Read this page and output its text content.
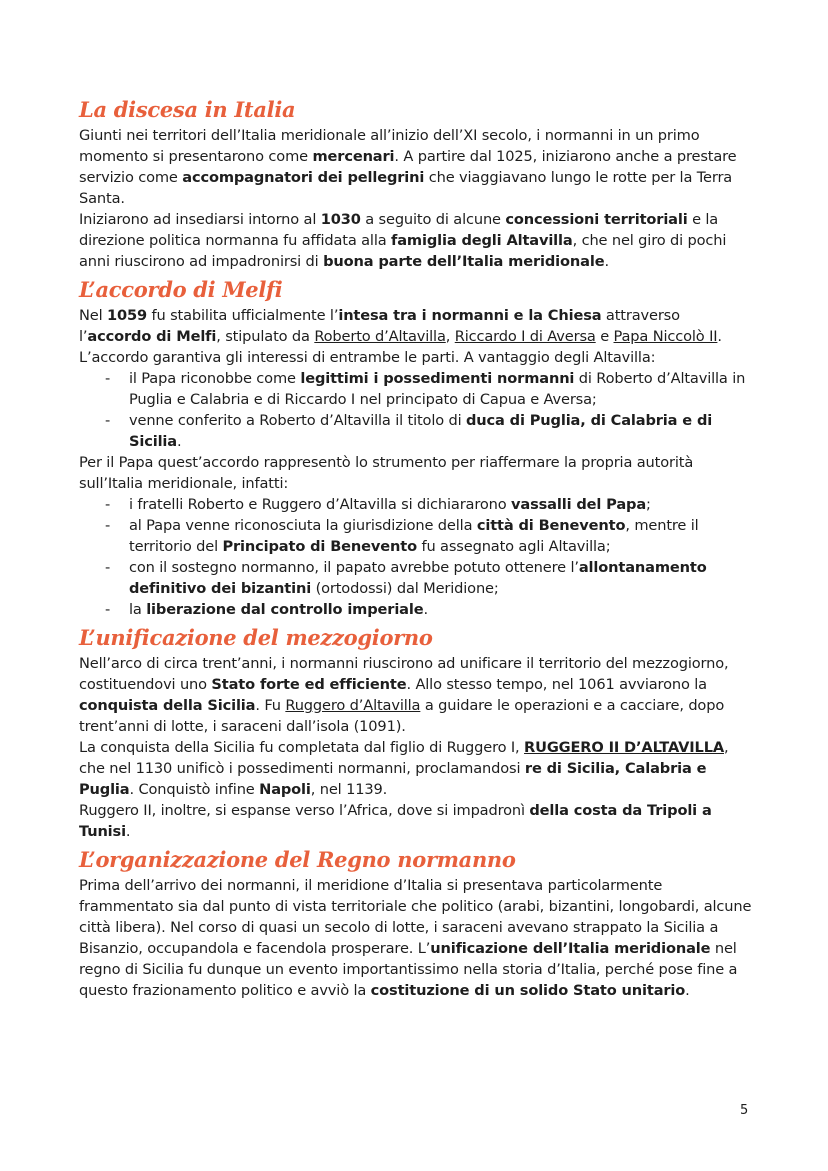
La discesa in Italia

Giunti nei territori dell’Italia meridionale all’inizio dell’XI secolo, i normanni in un primo momento si presentarono come mercenari. A partire dal 1025, iniziarono anche a prestare servizio come accompagnatori dei pellegrini che viaggiavano lungo le rotte per la Terra Santa.

Iniziarono ad insediarsi intorno al 1030 a seguito di alcune concessioni territoriali e la direzione politica normanna fu affidata alla famiglia degli Altavilla, che nel giro di pochi anni riuscirono ad impadronirsi di buona parte dell’Italia meridionale.

L’accordo di Melfi

Nel 1059 fu stabilita ufficialmente l’intesa tra i normanni e la Chiesa attraverso l’accordo di Melfi, stipulato da Roberto d’Altavilla, Riccardo I di Aversa e Papa Niccolò II. L’accordo garantiva gli interessi di entrambe le parti. A vantaggio degli Altavilla:

- il Papa riconobbe come legittimi i possedimenti normanni di Roberto d’Altavilla in Puglia e Calabria e di Riccardo I nel principato di Capua e Aversa;
- venne conferito a Roberto d’Altavilla il titolo di duca di Puglia, di Calabria e di Sicilia.

Per il Papa quest’accordo rappresentò lo strumento per riaffermare la propria autorità sull’Italia meridionale, infatti:

- i fratelli Roberto e Ruggero d’Altavilla si dichiararono vassalli del Papa;
- al Papa venne riconosciuta la giurisdizione della città di Benevento, mentre il territorio del Principato di Benevento fu assegnato agli Altavilla;
- con il sostegno normanno, il papato avrebbe potuto ottenere l’allontanamento definitivo dei bizantini (ortodossi) dal Meridione;
- la liberazione dal controllo imperiale.
L’unificazione del mezzogiorno

Nell’arco di circa trent’anni, i normanni riuscirono ad unificare il territorio del mezzogiorno, costituendovi uno Stato forte ed efficiente. Allo stesso tempo, nel 1061 avviarono la conquista della Sicilia. Fu Ruggero d’Altavilla a guidare le operazioni e a cacciare, dopo trent’anni di lotte, i saraceni dall’isola (1091).

La conquista della Sicilia fu completata dal figlio di Ruggero I, RUGGERO II D’ALTAVILLA, che nel 1130 unificò i possedimenti normanni, proclamandosi re di Sicilia, Calabria e Puglia. Conquistò infine Napoli, nel 1139.

Ruggero II, inoltre, si espanse verso l’Africa, dove si impadronì della costa da Tripoli a Tunisi.

L’organizzazione del Regno normanno

Prima dell’arrivo dei normanni, il meridione d’Italia si presentava particolarmente frammentato sia dal punto di vista territoriale che politico (arabi, bizantini, longobardi, alcune città libera). Nel corso di quasi un secolo di lotte, i saraceni avevano strappato la Sicilia a Bisanzio, occupandola e facendola prosperare. L’unificazione dell’Italia meridionale nel regno di Sicilia fu dunque un evento importantissimo nella storia d’Italia, perché pose fine a questo frazionamento politico e avviò la costituzione di un solido Stato unitario.

5
